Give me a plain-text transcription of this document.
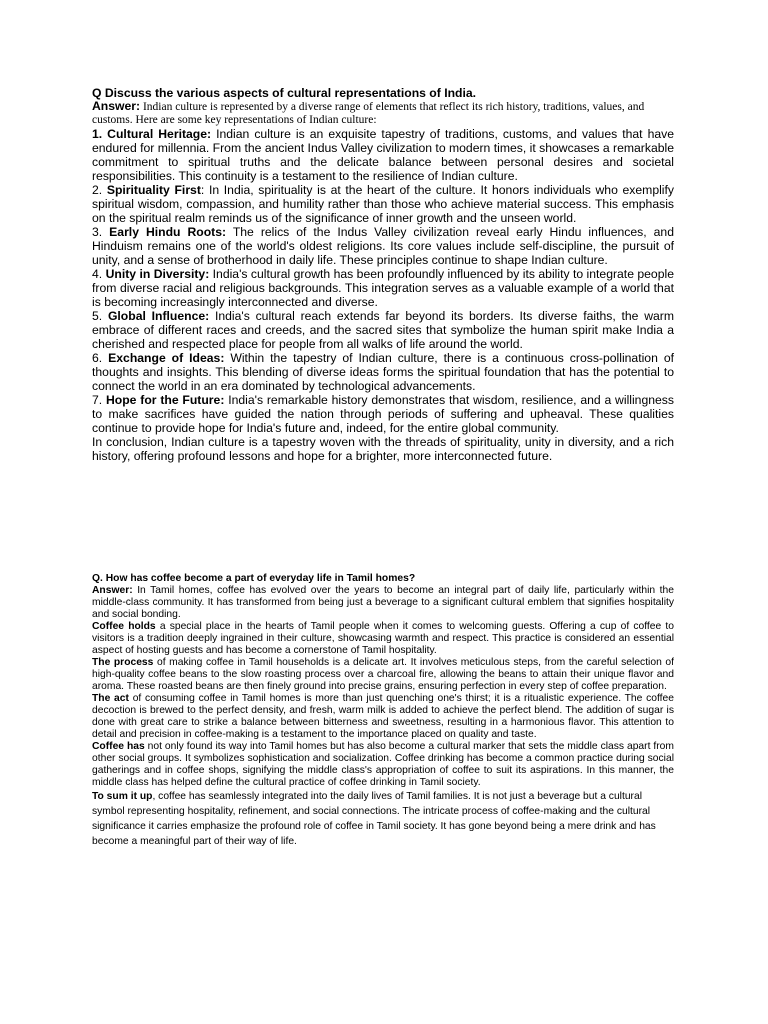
Q Discuss the various aspects of cultural representations of India.

Answer: Indian culture is represented by a diverse range of elements that reflect its rich history, traditions, values, and customs. Here are some key representations of Indian culture:

1. Cultural Heritage: Indian culture is an exquisite tapestry of traditions, customs, and values that have endured for millennia. From the ancient Indus Valley civilization to modern times, it showcases a remarkable commitment to spiritual truths and the delicate balance between personal desires and societal responsibilities. This continuity is a testament to the resilience of Indian culture.

2. Spirituality First: In India, spirituality is at the heart of the culture. It honors individuals who exemplify spiritual wisdom, compassion, and humility rather than those who achieve material success. This emphasis on the spiritual realm reminds us of the significance of inner growth and the unseen world.

3. Early Hindu Roots: The relics of the Indus Valley civilization reveal early Hindu influences, and Hinduism remains one of the world's oldest religions. Its core values include self-discipline, the pursuit of unity, and a sense of brotherhood in daily life. These principles continue to shape Indian culture.

4. Unity in Diversity: India's cultural growth has been profoundly influenced by its ability to integrate people from diverse racial and religious backgrounds. This integration serves as a valuable example of a world that is becoming increasingly interconnected and diverse.

5. Global Influence: India's cultural reach extends far beyond its borders. Its diverse faiths, the warm embrace of different races and creeds, and the sacred sites that symbolize the human spirit make India a cherished and respected place for people from all walks of life around the world.

6. Exchange of Ideas: Within the tapestry of Indian culture, there is a continuous cross-pollination of thoughts and insights. This blending of diverse ideas forms the spiritual foundation that has the potential to connect the world in an era dominated by technological advancements.

7. Hope for the Future: India's remarkable history demonstrates that wisdom, resilience, and a willingness to make sacrifices have guided the nation through periods of suffering and upheaval. These qualities continue to provide hope for India's future and, indeed, for the entire global community.

In conclusion, Indian culture is a tapestry woven with the threads of spirituality, unity in diversity, and a rich history, offering profound lessons and hope for a brighter, more interconnected future.

Q. How has coffee become a part of everyday life in Tamil homes?

Answer: In Tamil homes, coffee has evolved over the years to become an integral part of daily life, particularly within the middle-class community. It has transformed from being just a beverage to a significant cultural emblem that signifies hospitality and social bonding.

Coffee holds a special place in the hearts of Tamil people when it comes to welcoming guests. Offering a cup of coffee to visitors is a tradition deeply ingrained in their culture, showcasing warmth and respect. This practice is considered an essential aspect of hosting guests and has become a cornerstone of Tamil hospitality.

The process of making coffee in Tamil households is a delicate art. It involves meticulous steps, from the careful selection of high-quality coffee beans to the slow roasting process over a charcoal fire, allowing the beans to attain their unique flavor and aroma. These roasted beans are then finely ground into precise grains, ensuring perfection in every step of coffee preparation.

The act of consuming coffee in Tamil homes is more than just quenching one's thirst; it is a ritualistic experience. The coffee decoction is brewed to the perfect density, and fresh, warm milk is added to achieve the perfect blend. The addition of sugar is done with great care to strike a balance between bitterness and sweetness, resulting in a harmonious flavor. This attention to detail and precision in coffee-making is a testament to the importance placed on quality and taste.

Coffee has not only found its way into Tamil homes but has also become a cultural marker that sets the middle class apart from other social groups. It symbolizes sophistication and socialization. Coffee drinking has become a common practice during social gatherings and in coffee shops, signifying the middle class's appropriation of coffee to suit its aspirations. In this manner, the middle class has helped define the cultural practice of coffee drinking in Tamil society.

To sum it up, coffee has seamlessly integrated into the daily lives of Tamil families. It is not just a beverage but a cultural symbol representing hospitality, refinement, and social connections. The intricate process of coffee-making and the cultural significance it carries emphasize the profound role of coffee in Tamil society. It has gone beyond being a mere drink and has become a meaningful part of their way of life.
